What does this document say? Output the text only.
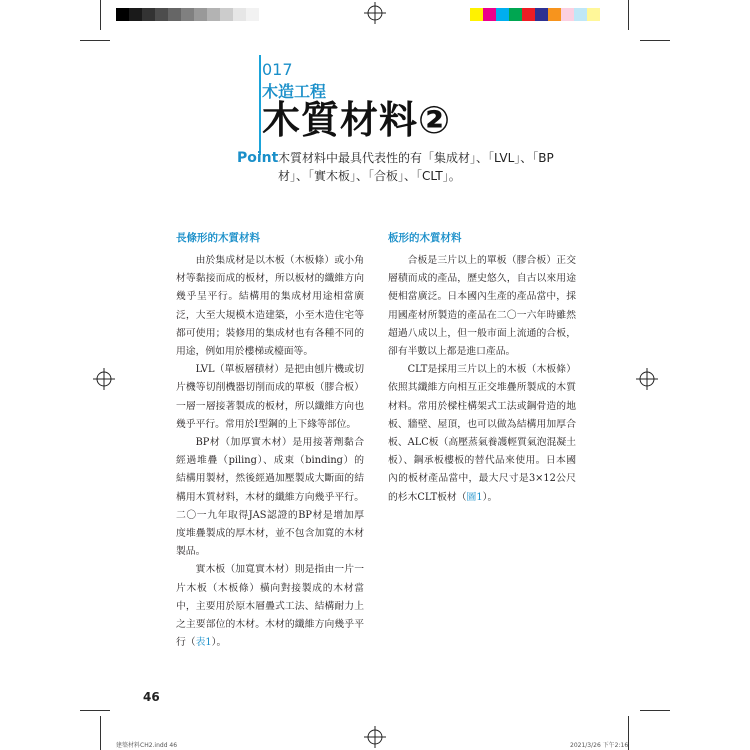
017
木造工程
木質材料②
Point 木質材料中最具代表性的有「集成材」、「LVL」、「BP材」、「實木板」、「合板」、「CLT」。
長條形的木質材料

由於集成材是以木板（木板條）或小角材等黏接而成的板材，所以板材的纖維方向幾乎呈平行。結構用的集成材用途相當廣泛，大至大規模木造建築，小至木造住宅等都可使用；裝修用的集成材也有各種不同的用途，例如用於樓梯或檯面等。

LVL（單板層積材）是把由刨片機或切片機等切削機器切削而成的單板（膠合板）一層一層接著製成的板材，所以纖維方向也幾乎平行。常用於I型鋼的上下緣等部位。

BP材（加厚實木材）是用接著劑黏合經過堆疊（piling）、成束（binding）的結構用製材，然後經過加壓製成大斷面的結構用木質材料，木材的纖維方向幾乎平行。二〇一九年取得JAS認證的BP材是增加厚度堆疊製成的厚木材，並不包含加寬的木材製品。

實木板（加寬實木材）則是指由一片一片木板（木板條）橫向對接製成的木材當中，主要用於原木層疊式工法、結構耐力上之主要部位的木材。木材的纖維方向幾乎平行（表1）。

板形的木質材料

合板是三片以上的單板（膠合板）正交層積而成的產品，歷史悠久，自古以來用途便相當廣泛。日本國內生產的產品當中，採用國產材所製造的產品在二〇一六年時雖然超過八成以上，但一般市面上流通的合板，卻有半數以上都是進口產品。

CLT是採用三片以上的木板（木板條）依照其纖維方向相互正交堆疊所製成的木質材料。常用於樑柱構架式工法或鋼骨造的地板、牆壁、屋頂，也可以做為結構用加厚合板、ALC板（高壓蒸氣養護輕質氣泡混凝土板）、鋼承板樓板的替代品來使用。日本國內的板材產品當中，最大尺寸是3×12公尺的杉木CLT板材（圖1）。

46
建築材料CH2.indd 46	2021/3/26 下午2:16
